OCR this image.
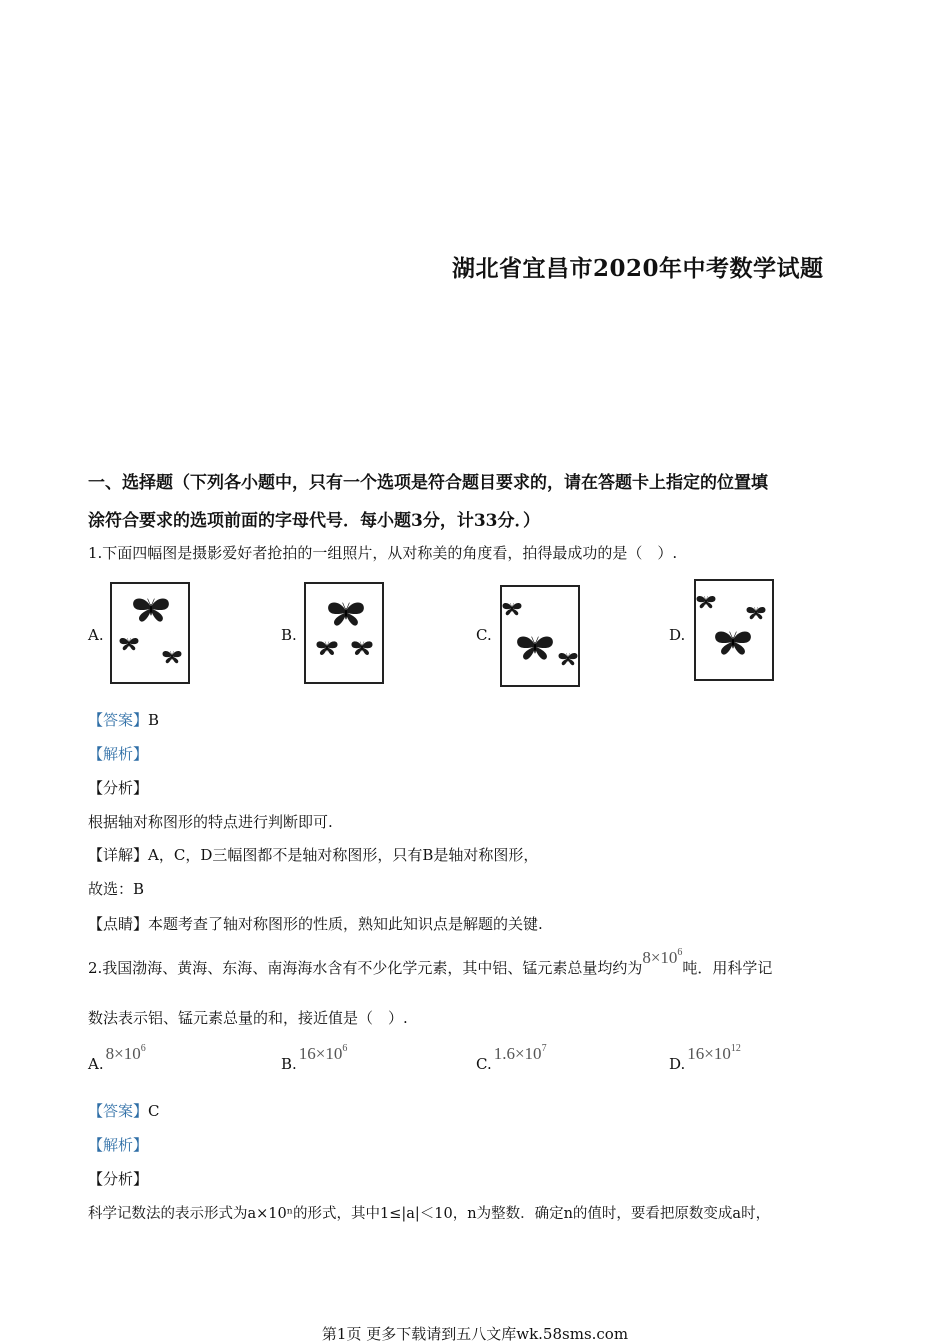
湖北省宜昌市2020年中考数学试题
一、选择题（下列各小题中，只有一个选项是符合题目要求的，请在答题卡上指定的位置填
涂符合要求的选项前面的字母代号．每小题3分，计33分．）
1.下面四幅图是摄影爱好者抢拍的一组照片，从对称美的角度看，拍得最成功的是（　）.
A.	B.	C.	D.
【答案】B
【解析】
【分析】
根据轴对称图形的特点进行判断即可.
【详解】A，C，D三幅图都不是轴对称图形，只有B是轴对称图形，
故选：B
【点睛】本题考查了轴对称图形的性质，熟知此知识点是解题的关键.
2.我国渤海、黄海、东海、南海海水含有不少化学元素，其中铝、锰元素总量均约为$8\times 10^6$吨．用科学记
数法表示铝、锰元素总量的和，接近值是（　）.
$A.8\times 10^6$
$B.16\times 10^6$
$C.1.6\times 10^7$
$D.16\times 10^{12}$
【答案】C
【解析】
【分析】
科学记数法的表示形式为a×10ⁿ的形式，其中1≤|a|＜10，n为整数．确定n的值时，要看把原数变成a时，
第1页 更多下载请到五八文库wk.58sms.com
